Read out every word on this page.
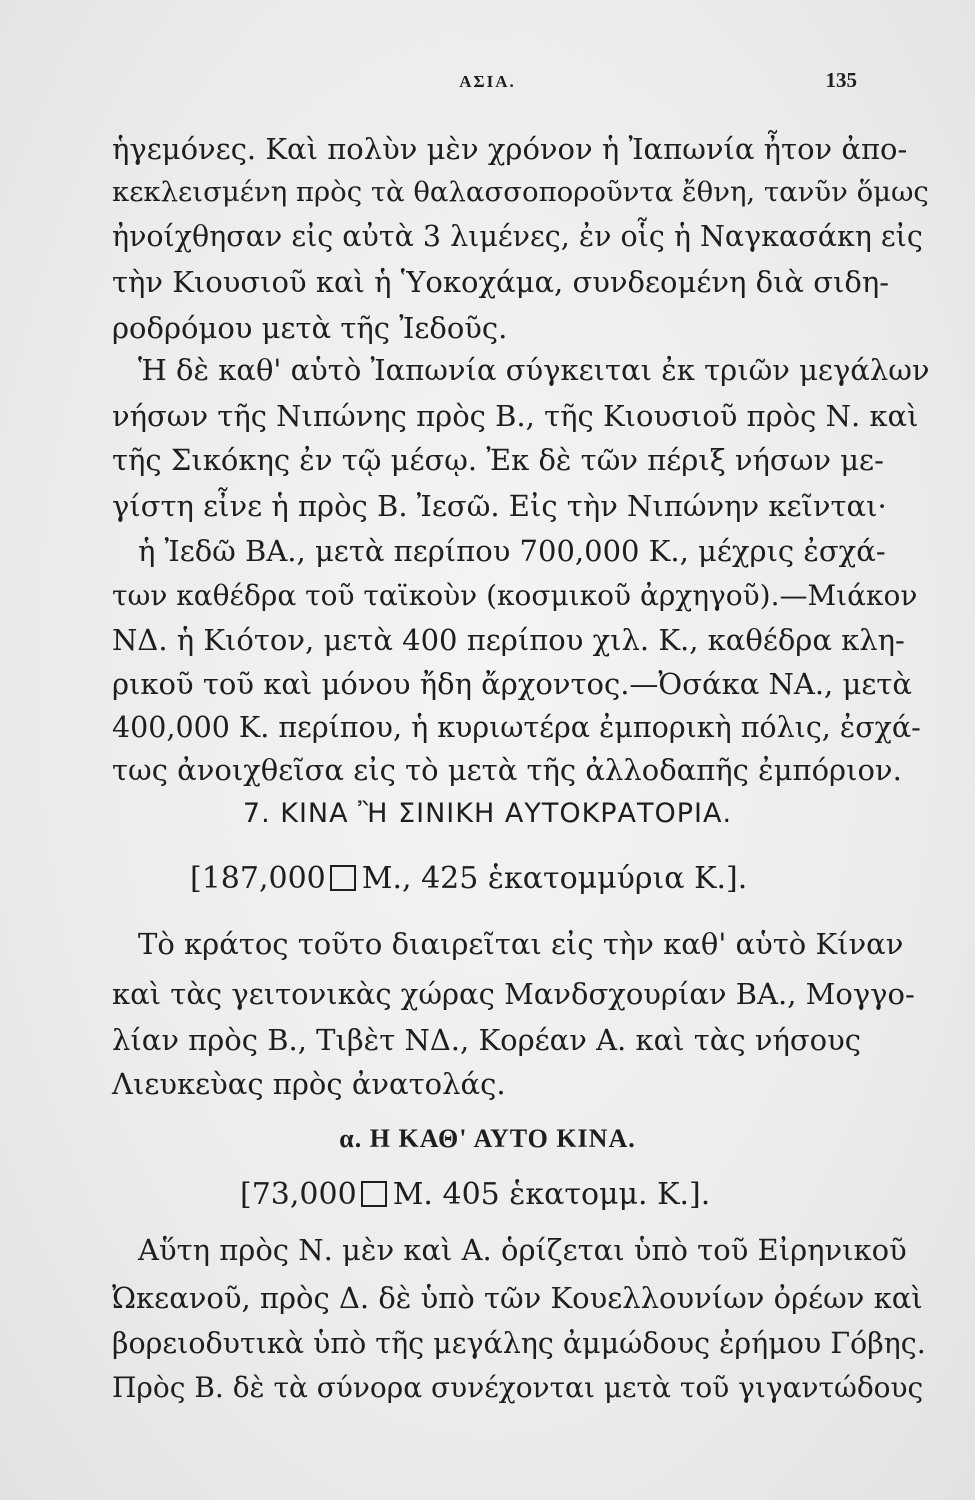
ΑΣΙΑ.	135
ἡγεμόνες. Καὶ πολὺν μὲν χρόνον ἡ Ἰαπωνία ἦτον ἀπο-
κεκλεισμένη πρὸς τὰ θαλασσοποροῦντα ἔθνη, τανῦν ὅμως
ἠνοίχθησαν εἰς αὐτὰ 3 λιμένες, ἐν οἷς ἡ Ναγκασάκη εἰς
τὴν Κιουσιοῦ καὶ ἡ Ὑοκοχάμα, συνδεομένη διὰ σιδη-
ροδρόμου μετὰ τῆς Ἰεδοῦς.
Ἡ δὲ καθ' αὑτὸ Ἰαπωνία σύγκειται ἐκ τριῶν μεγάλων
νήσων τῆς Νιπώνης πρὸς Β., τῆς Κιουσιοῦ πρὸς Ν. καὶ
τῆς Σικόκης ἐν τῷ μέσῳ. Ἐκ δὲ τῶν πέριξ νήσων με-
γίστη εἶνε ἡ πρὸς Β. Ἰεσῶ. Εἰς τὴν Νιπώνην κεῖνται·
ἡ Ἰεδῶ ΒΑ., μετὰ περίπου 700,000 Κ., μέχρις ἐσχά-
των καθέδρα τοῦ ταϊκοὺν (κοσμικοῦ ἀρχηγοῦ).—Μιάκον
ΝΔ. ἡ Κιότον, μετὰ 400 περίπου χιλ. Κ., καθέδρα κλη-
ρικοῦ τοῦ καὶ μόνου ἤδη ἄρχοντος.—Ὀσάκα ΝΑ., μετὰ
400,000 Κ. περίπου, ἡ κυριωτέρα ἐμπορικὴ πόλις, ἐσχά-
τως ἀνοιχθεῖσα εἰς τὸ μετὰ τῆς ἀλλοδαπῆς ἐμπόριον.
7. ΚΙΝΑ Ἢ ΣΙΝΙΚΗ ΑΥΤΟΚΡΑΤΟΡΙΑ.
[187,000 Μ., 425 ἑκατομμύρια Κ.].
Τὸ κράτος τοῦτο διαιρεῖται εἰς τὴν καθ' αὑτὸ Κίναν
καὶ τὰς γειτονικὰς χώρας Μανδσχουρίαν ΒΑ., Μογγο-
λίαν πρὸς Β., Τιβὲτ ΝΔ., Κορέαν Α. καὶ τὰς νήσους
Λιευκεὺας πρὸς ἀνατολάς.
α. Η ΚΑΘ' ΑΥΤΟ ΚΙΝΑ.
[73,000 Μ. 405 ἑκατομμ. Κ.].
Αὕτη πρὸς Ν. μὲν καὶ Α. ὁρίζεται ὑπὸ τοῦ Εἰρηνικοῦ
Ὠκεανοῦ, πρὸς Δ. δὲ ὑπὸ τῶν Κουελλουνίων ὀρέων καὶ
βορειοδυτικὰ ὑπὸ τῆς μεγάλης ἀμμώδους ἐρήμου Γόβης.
Πρὸς Β. δὲ τὰ σύνορα συνέχονται μετὰ τοῦ γιγαντώδους
